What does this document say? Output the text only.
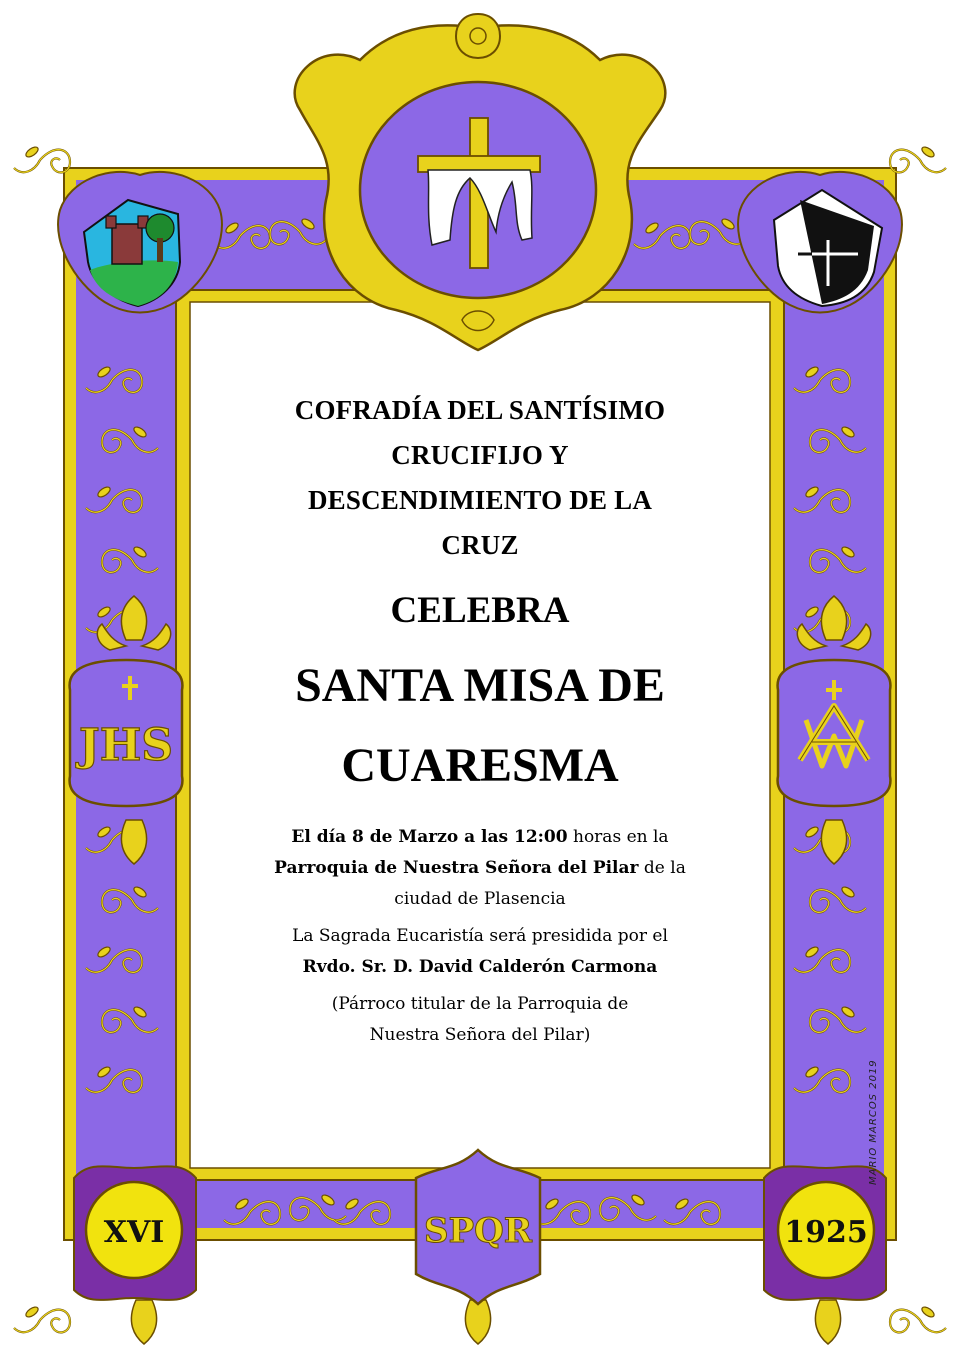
JHS
XVI	SPQR	1925
COFRADÍA DEL SANTÍSIMO
CRUCIFIJO Y
DESCENDIMIENTO DE LA
CRUZ
CELEBRA
SANTA MISA DE
CUARESMA

El día 8 de Marzo a las 12:00 horas en la
Parroquia de Nuestra Señora del Pilar de la
ciudad de Plasencia

La Sagrada Eucaristía será presidida por el
Rvdo. Sr. D. David Calderón Carmona

(Párroco titular de la Parroquia de
Nuestra Señora del Pilar)

MARIO MARCOS 2019
